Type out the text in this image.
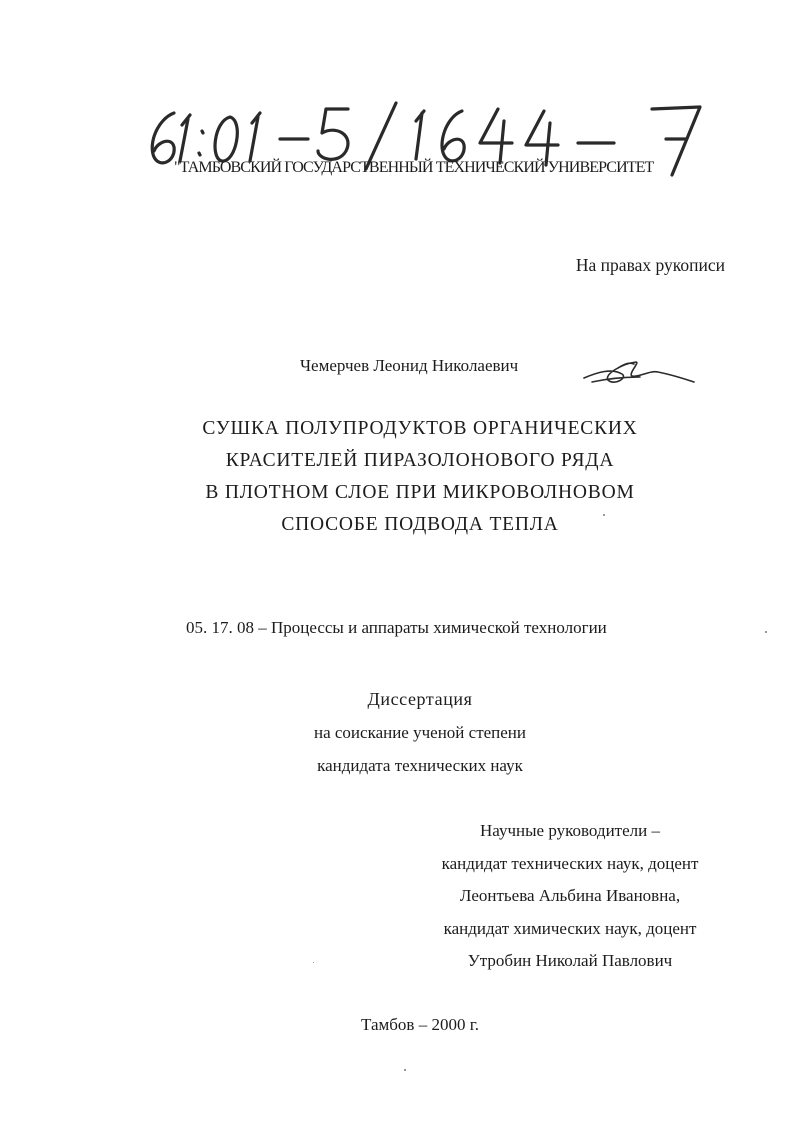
"ТАМБОВСКИЙ ГОСУДАРСТВЕННЫЙ ТЕХНИЧЕСКИЙ УНИВЕРСИТЕТ
На правах рукописи
Чемерчев Леонид Николаевич
СУШКА ПОЛУПРОДУКТОВ ОРГАНИЧЕСКИХ
КРАСИТЕЛЕЙ ПИРАЗОЛОНОВОГО РЯДА
В ПЛОТНОМ СЛОЕ ПРИ МИКРОВОЛНОВОМ
СПОСОБЕ ПОДВОДА ТЕПЛА
05. 17. 08 – Процессы и аппараты химической технологии
Диссертация
на соискание ученой степени
кандидата технических наук
Научные руководители –
кандидат технических наук, доцент
Леонтьева Альбина Ивановна,
кандидат химических наук, доцент
Утробин Николай Павлович
Тамбов – 2000 г.
